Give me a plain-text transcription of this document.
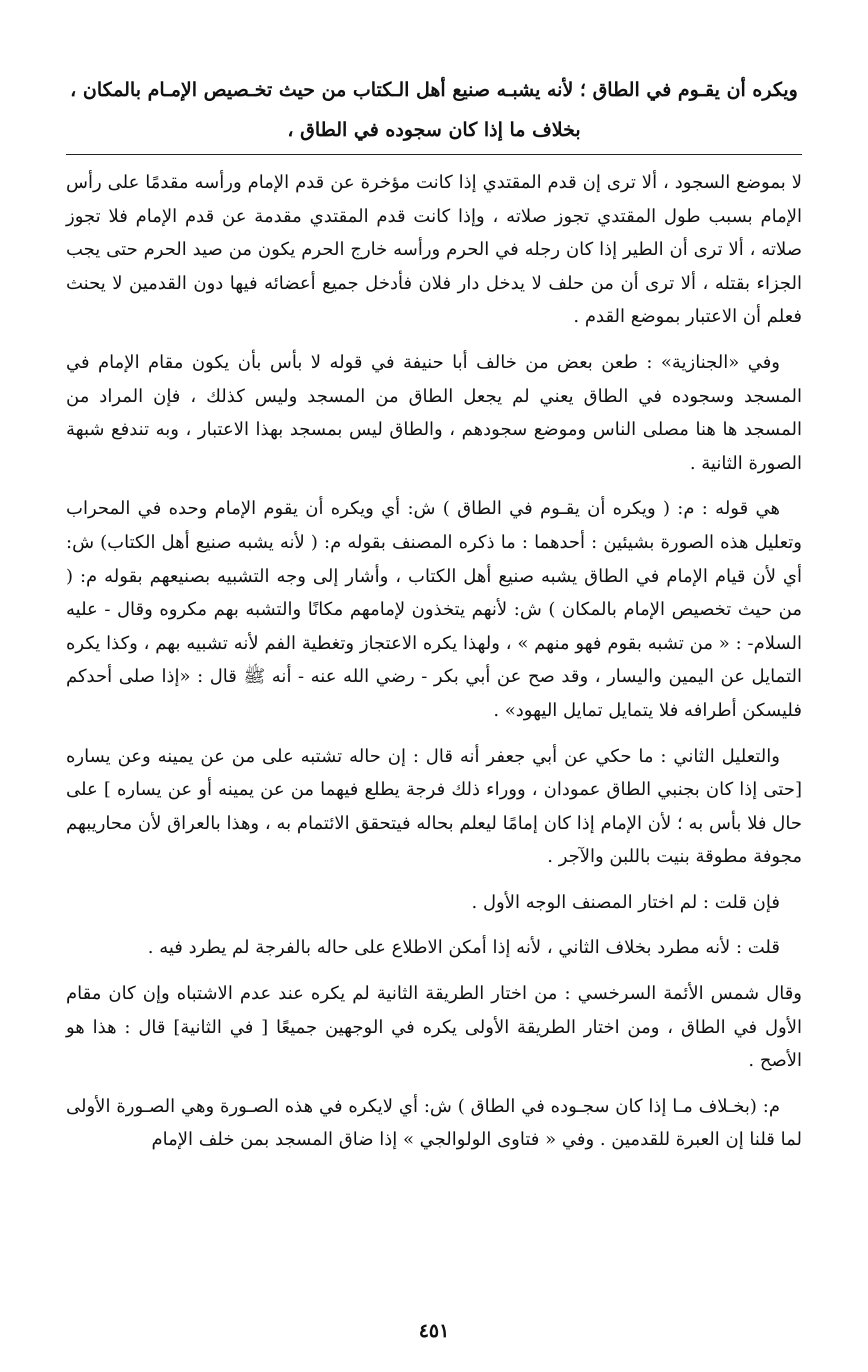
ويكره أن يقـوم في الطاق ؛ لأنه يشبـه صنيع أهل الـكتاب من حيث تخـصيص الإمـام بالمكان ،
بخلاف ما إذا كان سجوده في الطاق ،

لا بموضع السجود ، ألا ترى إن قدم المقتدي إذا كانت مؤخرة عن قدم الإمام ورأسه مقدمًا على رأس الإمام بسبب طول المقتدي تجوز صلاته ، وإذا كانت قدم المقتدي مقدمة عن قدم الإمام فلا تجوز صلاته ، ألا ترى أن الطير إذا كان رجله في الحرم ورأسه خارج الحرم يكون من صيد الحرم حتى يجب الجزاء بقتله ، ألا ترى أن من حلف لا يدخل دار فلان فأدخل جميع أعضائه فيها دون القدمين لا يحنث فعلم أن الاعتبار بموضع القدم .

وفي «الجنازية» : طعن بعض من خالف أبا حنيفة في قوله لا بأس بأن يكون مقام الإمام في المسجد وسجوده في الطاق يعني لم يجعل الطاق من المسجد وليس كذلك ، فإن المراد من المسجد ها هنا مصلى الناس وموضع سجودهم ، والطاق ليس بمسجد بهذا الاعتبار ، وبه تندفع شبهة الصورة الثانية .

هي قوله : م: ( ويكره أن يقـوم في الطاق ) ش: أي ويكره أن يقوم الإمام وحده في المحراب وتعليل هذه الصورة بشيئين : أحدهما : ما ذكره المصنف بقوله م: ( لأنه يشبه صنيع أهل الكتاب) ش: أي لأن قيام الإمام في الطاق يشبه صنيع أهل الكتاب ، وأشار إلى وجه التشبيه بصنيعهم بقوله م: ( من حيث تخصيص الإمام بالمكان ) ش: لأنهم يتخذون لإمامهم مكانًا والتشبه بهم مكروه وقال - عليه السلام- : « من تشبه بقوم فهو منهم » ، ولهذا يكره الاعتجاز وتغطية الفم لأنه تشبيه بهم ، وكذا يكره التمايل عن اليمين واليسار ، وقد صح عن أبي بكر - رضي الله عنه - أنه ﷺ قال : «إذا صلى أحدكم فليسكن أطرافه فلا يتمايل تمايل اليهود» .

والتعليل الثاني : ما حكي عن أبي جعفر أنه قال : إن حاله تشتبه على من عن يمينه وعن يساره [حتى إذا كان بجنبي الطاق عمودان ، ووراء ذلك فرجة يطلع فيهما من عن يمينه أو عن يساره ] على حال فلا بأس به ؛ لأن الإمام إذا كان إمامًا ليعلم بحاله فيتحقق الائتمام به ، وهذا بالعراق لأن محاريبهم مجوفة مطوقة بنيت باللبن والآجر .

فإن قلت : لم اختار المصنف الوجه الأول .

قلت : لأنه مطرد بخلاف الثاني ، لأنه إذا أمكن الاطلاع على حاله بالفرجة لم يطرد فيه .

وقال شمس الأئمة السرخسي : من اختار الطريقة الثانية لم يكره عند عدم الاشتباه وإن كان مقام الأول في الطاق ، ومن اختار الطريقة الأولى يكره في الوجهين جميعًا [ في الثانية] قال : هذا هو الأصح .

م: (بخـلاف مـا إذا كان سجـوده في الطاق ) ش: أي لايكره في هذه الصـورة وهي الصـورة الأولى لما قلنا إن العبرة للقدمين . وفي « فتاوى الولوالجي » إذا ضاق المسجد بمن خلف الإمام

٤٥١
